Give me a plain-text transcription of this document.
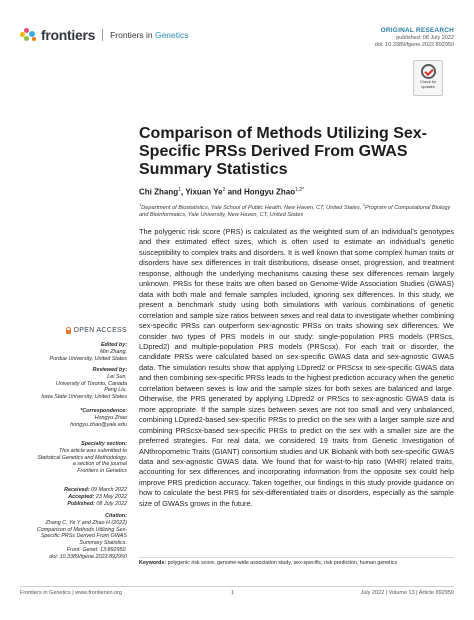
frontiers Frontiers in Genetics	ORIGINAL RESEARCH
published: 08 July 2022
doi: 10.3389/fgene.2022.892950
Check for
updates
Comparison of Methods Utilizing Sex-Specific PRSs Derived From GWAS Summary Statistics
Chi Zhang$^1$, Yixuan Ye$^2$ and Hongyu Zhao$^{1,2*}$
$^1$Department of Biostatistics, Yale School of Public Health, New Haven, CT, United States, $^2$Program of Computational Biology and Bioinformatics, Yale University, New Haven, CT, United States

The polygenic risk score (PRS) is calculated as the weighted sum of an individual’s genotypes and their estimated effect sizes, which is often used to estimate an individual’s genetic susceptibility to complex traits and disorders. It is well known that some complex human traits or disorders have sex differences in trait distributions, disease onset, progression, and treatment response, although the underlying mechanisms causing these sex differences remain largely unknown. PRSs for these traits are often based on Genome-Wide Association Studies (GWAS) data with both male and female samples included, ignoring sex differences. In this study, we present a benchmark study using both simulations with various combinations of genetic correlation and sample size ratios between sexes and real data to investigate whether combining sex-specific PRSs can outperform sex-agnostic PRSs on traits showing sex differences. We consider two types of PRS models in our study: single-population PRS models (PRScs, LDpred2) and multiple-population PRS models (PRScsx). For each trait or disorder, the candidate PRSs were calculated based on sex-specific GWAS data and sex-agnostic GWAS data. The simulation results show that applying LDpred2 or PRScsx to sex-specific GWAS data and then combining sex-specific PRSs leads to the highest prediction accuracy when the genetic correlation between sexes is low and the sample sizes for both sexes are balanced and large. Otherwise, the PRS generated by applying LDpred2 or PRScs to sex-agnostic GWAS data is more appropriate. If the sample sizes between sexes are not too small and very unbalanced, combining LDpred2-based sex-specific PRSs to predict on the sex with a larger sample size and combining PRScsx-based sex-specific PRSs to predict on the sex with a smaller size are the preferred strategies. For real data, we considered 19 traits from Genetic Investigation of ANthropometric Traits (GIANT) consortium studies and UK Biobank with both sex-specific GWAS data and sex-agnostic GWAS data. We found that for waist-to-hip ratio (WHR) related traits, accounting for sex differences and incorporating information from the opposite sex could help improve PRS prediction accuracy. Taken together, our findings in this study provide guidance on how to calculate the best PRS for sex-differentiated traits or disorders, especially as the sample size of GWASs grows in the future.

Keywords: polygenic risk score, genome-wide association study, sex-specific, risk prediction, human genetics
OPEN ACCESS

Edited by:

Min Zhang,

Purdue University, United States

Reviewed by:

Lei Sun,

University of Toronto, Canada

Peng Liu,

Iowa State University, United States

*Correspondence:

Hongyu Zhao

hongyu.zhao@yale.edu

Specialty section:

This article was submitted to

Statistical Genetics and Methodology,

a section of the journal

Frontiers in Genetics

Received: 09 March 2022

Accepted: 23 May 2022

Published: 08 July 2022

Citation:

Zhang C, Ye Y and Zhao H (2022)

Comparison of Methods Utilizing Sex-

Specific PRSs Derived From GWAS

Summary Statistics.

Front. Genet. 13:892950.

doi: 10.3389/fgene.2022.892950

Frontiers in Genetics | www.frontiersin.org	1	July 2022 | Volume 13 | Article 892950
